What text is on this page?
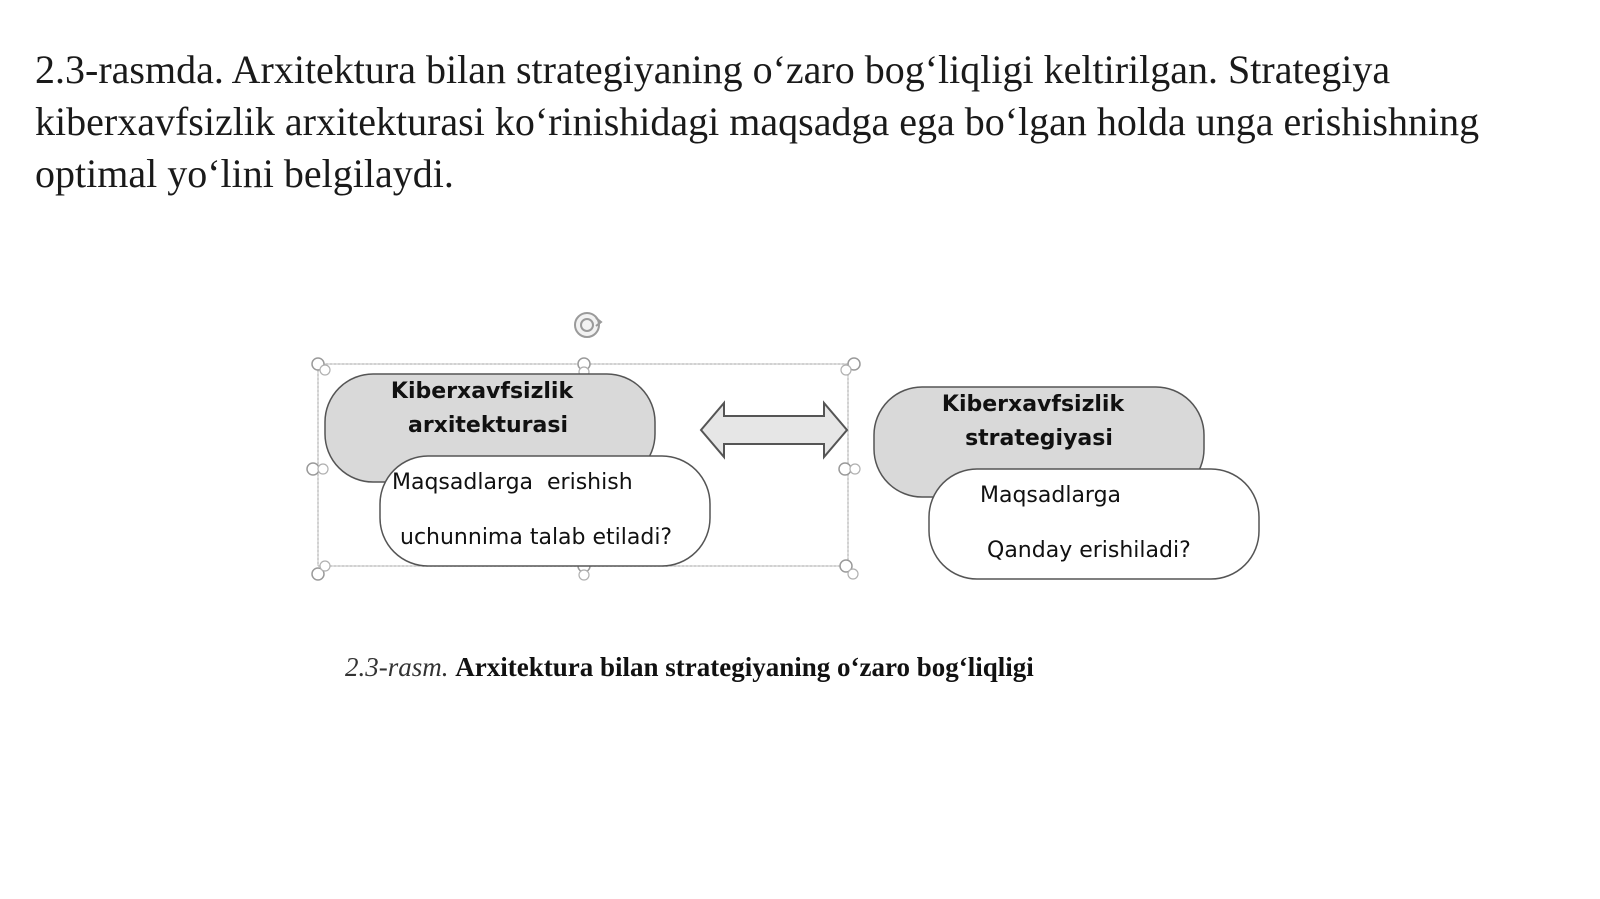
2.3-rasmda. Arxitektura bilan strategiyaning o‘zaro bog‘liqligi keltirilgan. Strategiya kiberxavfsizlik arxitekturasi ko‘rinishidagi maqsadga ega bo‘lgan holda unga erishishning optimal yo‘lini belgilaydi.

Kiberxavfsizlik
arxitekturasi
Maqsadlarga  erishish
uchunnima talab etiladi?
Kiberxavfsizlik
strategiyasi
Maqsadlarga
Qanday erishiladi?
2.3-rasm. Arxitektura bilan strategiyaning o‘zaro bog‘liqligi
